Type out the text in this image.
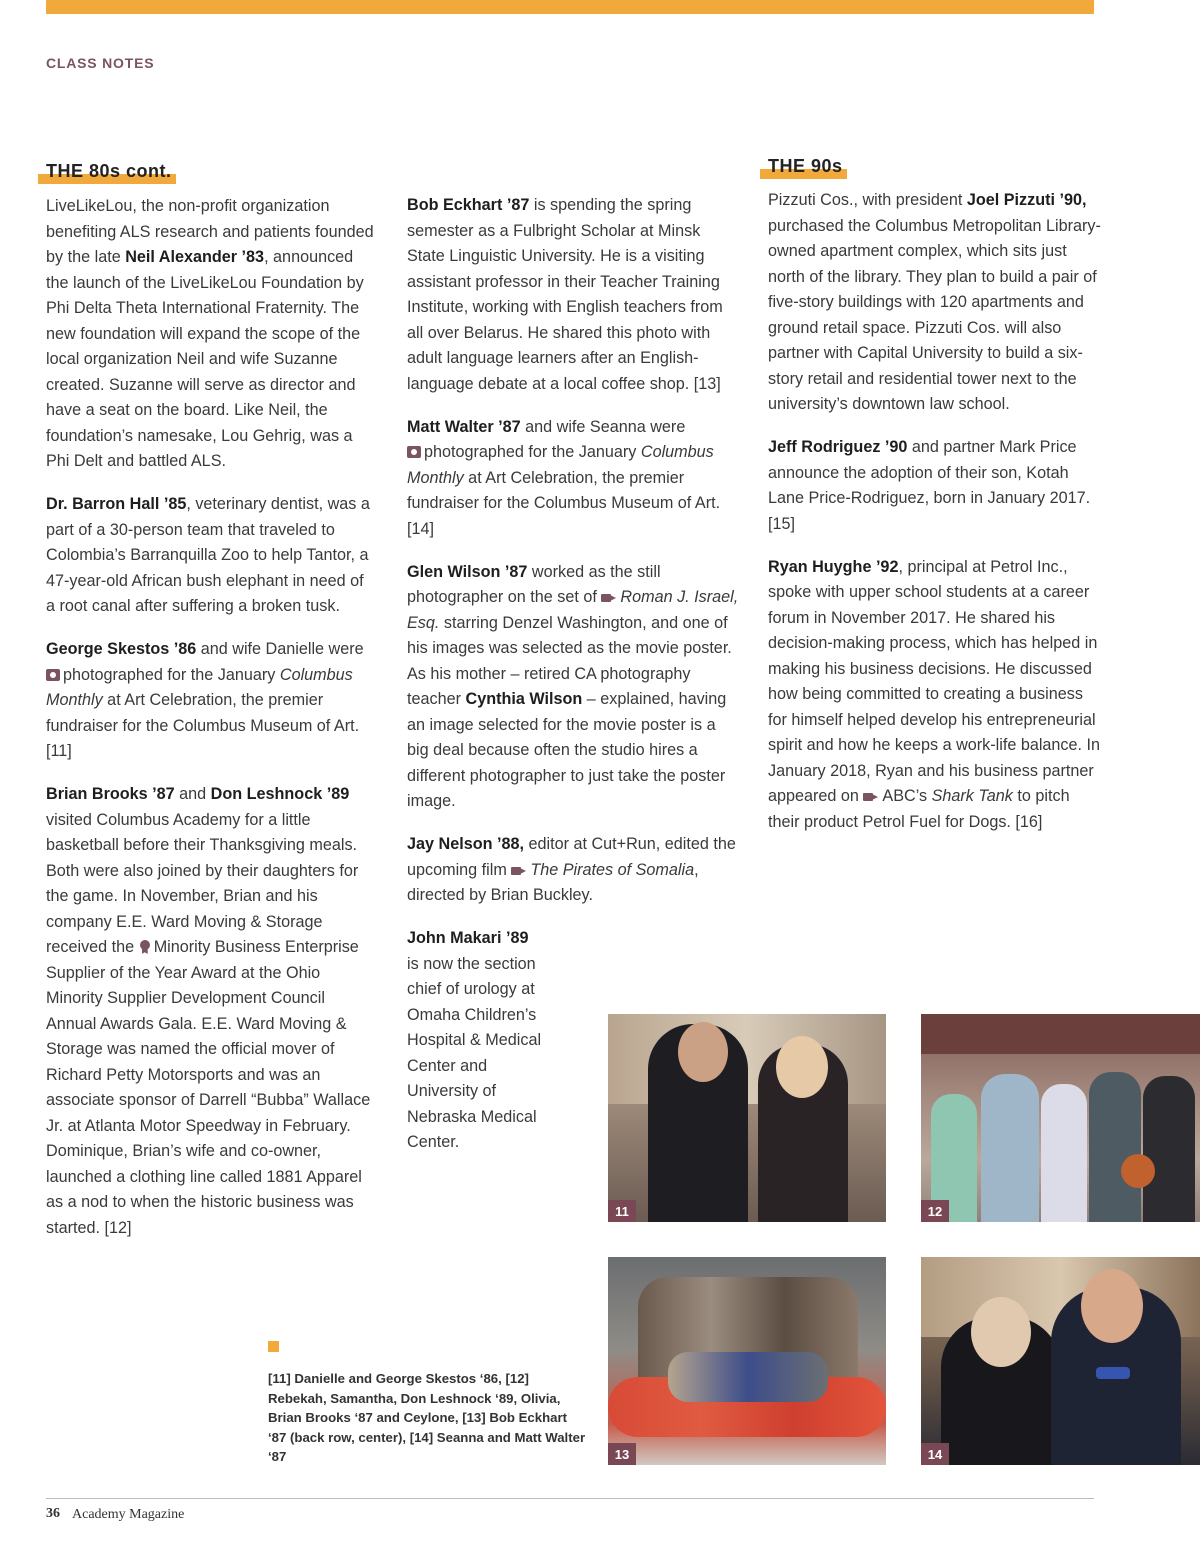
CLASS NOTES
THE 80s cont.	THE 90s

LiveLikeLou, the non-profit organization benefiting ALS research and patients founded by the late Neil Alexander ’83, announced the launch of the LiveLikeLou Foundation by Phi Delta Theta International Fraternity. The new foundation will expand the scope of the local organization Neil and wife Suzanne created. Suzanne will serve as director and have a seat on the board. Like Neil, the foundation’s namesake, Lou Gehrig, was a Phi Delt and battled ALS.

Dr. Barron Hall ’85, veterinary dentist, was a part of a 30-person team that traveled to Colombia’s Barranquilla Zoo to help Tantor, a 47-year-old African bush elephant in need of a root canal after suffering a broken tusk.

George Skestos ’86 and wife Danielle were photographed for the January Columbus Monthly at Art Celebration, the premier fundraiser for the Columbus Museum of Art. [11]

Brian Brooks ’87 and Don Leshnock ’89 visited Columbus Academy for a little basketball before their Thanksgiving meals. Both were also joined by their daughters for the game. In November, Brian and his company E.E. Ward Moving & Storage received the Minority Business Enterprise Supplier of the Year Award at the Ohio Minority Supplier Development Council Annual Awards Gala. E.E. Ward Moving & Storage was named the official mover of Richard Petty Motorsports and was an associate sponsor of Darrell “Bubba” Wallace Jr. at Atlanta Motor Speedway in February. Dominique, Brian’s wife and co-owner, launched a clothing line called 1881 Apparel as a nod to when the historic business was started. [12]

Bob Eckhart ’87 is spending the spring semester as a Fulbright Scholar at Minsk State Linguistic University. He is a visiting assistant professor in their Teacher Training Institute, working with English teachers from all over Belarus. He shared this photo with adult language learners after an English-language debate at a local coffee shop. [13]

Matt Walter ’87 and wife Seanna were
photographed for the January Columbus Monthly at Art Celebration, the premier fundraiser for the Columbus Museum of Art. [14]

Glen Wilson ’87 worked as the still photographer on the set of Roman J. Israel, Esq. starring Denzel Washington, and one of his images was selected as the movie poster. As his mother – retired CA photography teacher Cynthia Wilson – explained, having an image selected for the movie poster is a big deal because often the studio hires a different photographer to just take the poster image.

Jay Nelson ’88, editor at Cut+Run, edited the upcoming film The Pirates of Somalia, directed by Brian Buckley.

John Makari ’89
is now the section chief of urology at Omaha Children’s Hospital & Medical Center and University of Nebraska Medical Center.

Pizzuti Cos., with president Joel Pizzuti ’90, purchased the Columbus Metropolitan Library-owned apartment complex, which sits just north of the library. They plan to build a pair of five-story buildings with 120 apartments and ground retail space. Pizzuti Cos. will also partner with Capital University to build a six-story retail and residential tower next to the university’s downtown law school.

Jeff Rodriguez ’90 and partner Mark Price announce the adoption of their son, Kotah Lane Price-Rodriguez, born in January 2017. [15]

Ryan Huyghe ’92, principal at Petrol Inc., spoke with upper school students at a career forum in November 2017. He shared his decision-making process, which has helped in making his business decisions. He discussed how being committed to creating a business for himself helped develop his entrepreneurial spirit and how he keeps a work-life balance. In January 2018, Ryan and his business partner appeared on ABC’s Shark Tank to pitch their product Petrol Fuel for Dogs. [16]

11	12
13	14
[11] Danielle and George Skestos ‘86, [12] Rebekah, Samantha, Don Leshnock ‘89, Olivia, Brian Brooks ‘87 and Ceylone, [13] Bob Eckhart ‘87 (back row, center), [14] Seanna and Matt Walter ‘87
36 Academy Magazine
